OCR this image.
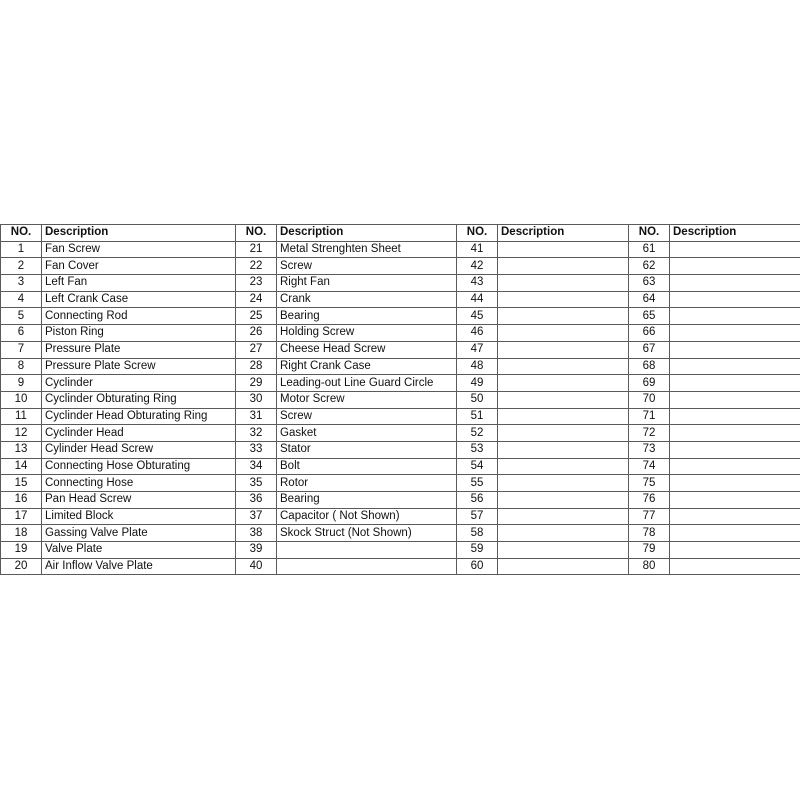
NO.	Description	NO.	Description	NO.	Description	NO.	Description
1	Fan Screw	21	Metal Strenghten Sheet	41		61	
2	Fan Cover	22	Screw	42		62	
3	Left Fan	23	Right Fan	43		63	
4	Left Crank Case	24	Crank	44		64	
5	Connecting Rod	25	Bearing	45		65	
6	Piston Ring	26	Holding Screw	46		66	
7	Pressure Plate	27	Cheese Head Screw	47		67	
8	Pressure Plate Screw	28	Right Crank Case	48		68	
9	Cyclinder	29	Leading-out Line Guard Circle	49		69	
10	Cyclinder Obturating Ring	30	Motor Screw	50		70	
11	Cyclinder Head Obturating Ring	31	Screw	51		71	
12	Cyclinder Head	32	Gasket	52		72	
13	Cylinder Head Screw	33	Stator	53		73	
14	Connecting Hose Obturating	34	Bolt	54		74	
15	Connecting Hose	35	Rotor	55		75	
16	Pan Head Screw	36	Bearing	56		76	
17	Limited Block	37	Capacitor ( Not Shown)	57		77	
18	Gassing Valve Plate	38	Skock Struct (Not Shown)	58		78	
19	Valve Plate	39		59		79	
20	Air Inflow Valve Plate	40		60		80	
